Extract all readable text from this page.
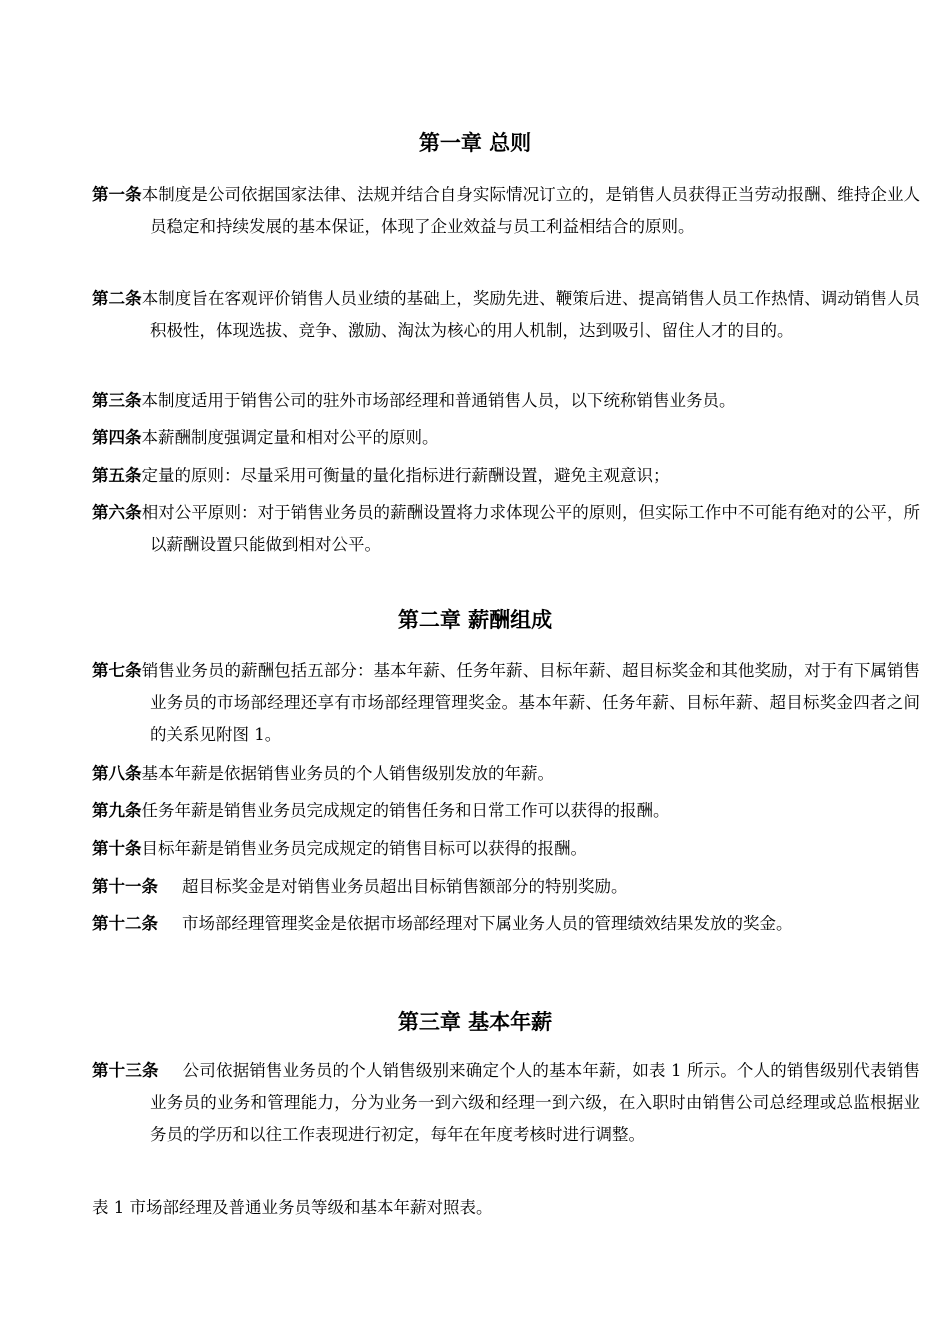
第一章 总则
第一条本制度是公司依据国家法律、法规并结合自身实际情况订立的，是销售人员获得正当劳动报酬、维持企业人员稳定和持续发展的基本保证，体现了企业效益与员工利益相结合的原则。
第二条本制度旨在客观评价销售人员业绩的基础上，奖励先进、鞭策后进、提高销售人员工作热情、调动销售人员积极性，体现选拔、竞争、激励、淘汰为核心的用人机制，达到吸引、留住人才的目的。
第三条本制度适用于销售公司的驻外市场部经理和普通销售人员，以下统称销售业务员。
第四条本薪酬制度强调定量和相对公平的原则。
第五条定量的原则：尽量采用可衡量的量化指标进行薪酬设置，避免主观意识；
第六条相对公平原则：对于销售业务员的薪酬设置将力求体现公平的原则，但实际工作中不可能有绝对的公平，所以薪酬设置只能做到相对公平。
第二章 薪酬组成
第七条销售业务员的薪酬包括五部分：基本年薪、任务年薪、目标年薪、超目标奖金和其他奖励，对于有下属销售业务员的市场部经理还享有市场部经理管理奖金。基本年薪、任务年薪、目标年薪、超目标奖金四者之间的关系见附图 1。
第八条基本年薪是依据销售业务员的个人销售级别发放的年薪。
第九条任务年薪是销售业务员完成规定的销售任务和日常工作可以获得的报酬。
第十条目标年薪是销售业务员完成规定的销售目标可以获得的报酬。
第十一条 超目标奖金是对销售业务员超出目标销售额部分的特别奖励。
第十二条 市场部经理管理奖金是依据市场部经理对下属业务人员的管理绩效结果发放的奖金。
第三章 基本年薪
第十三条 公司依据销售业务员的个人销售级别来确定个人的基本年薪，如表 1 所示。个人的销售级别代表销售业务员的业务和管理能力，分为业务一到六级和经理一到六级，在入职时由销售公司总经理或总监根据业务员的学历和以往工作表现进行初定，每年在年度考核时进行调整。
表 1 市场部经理及普通业务员等级和基本年薪对照表。
